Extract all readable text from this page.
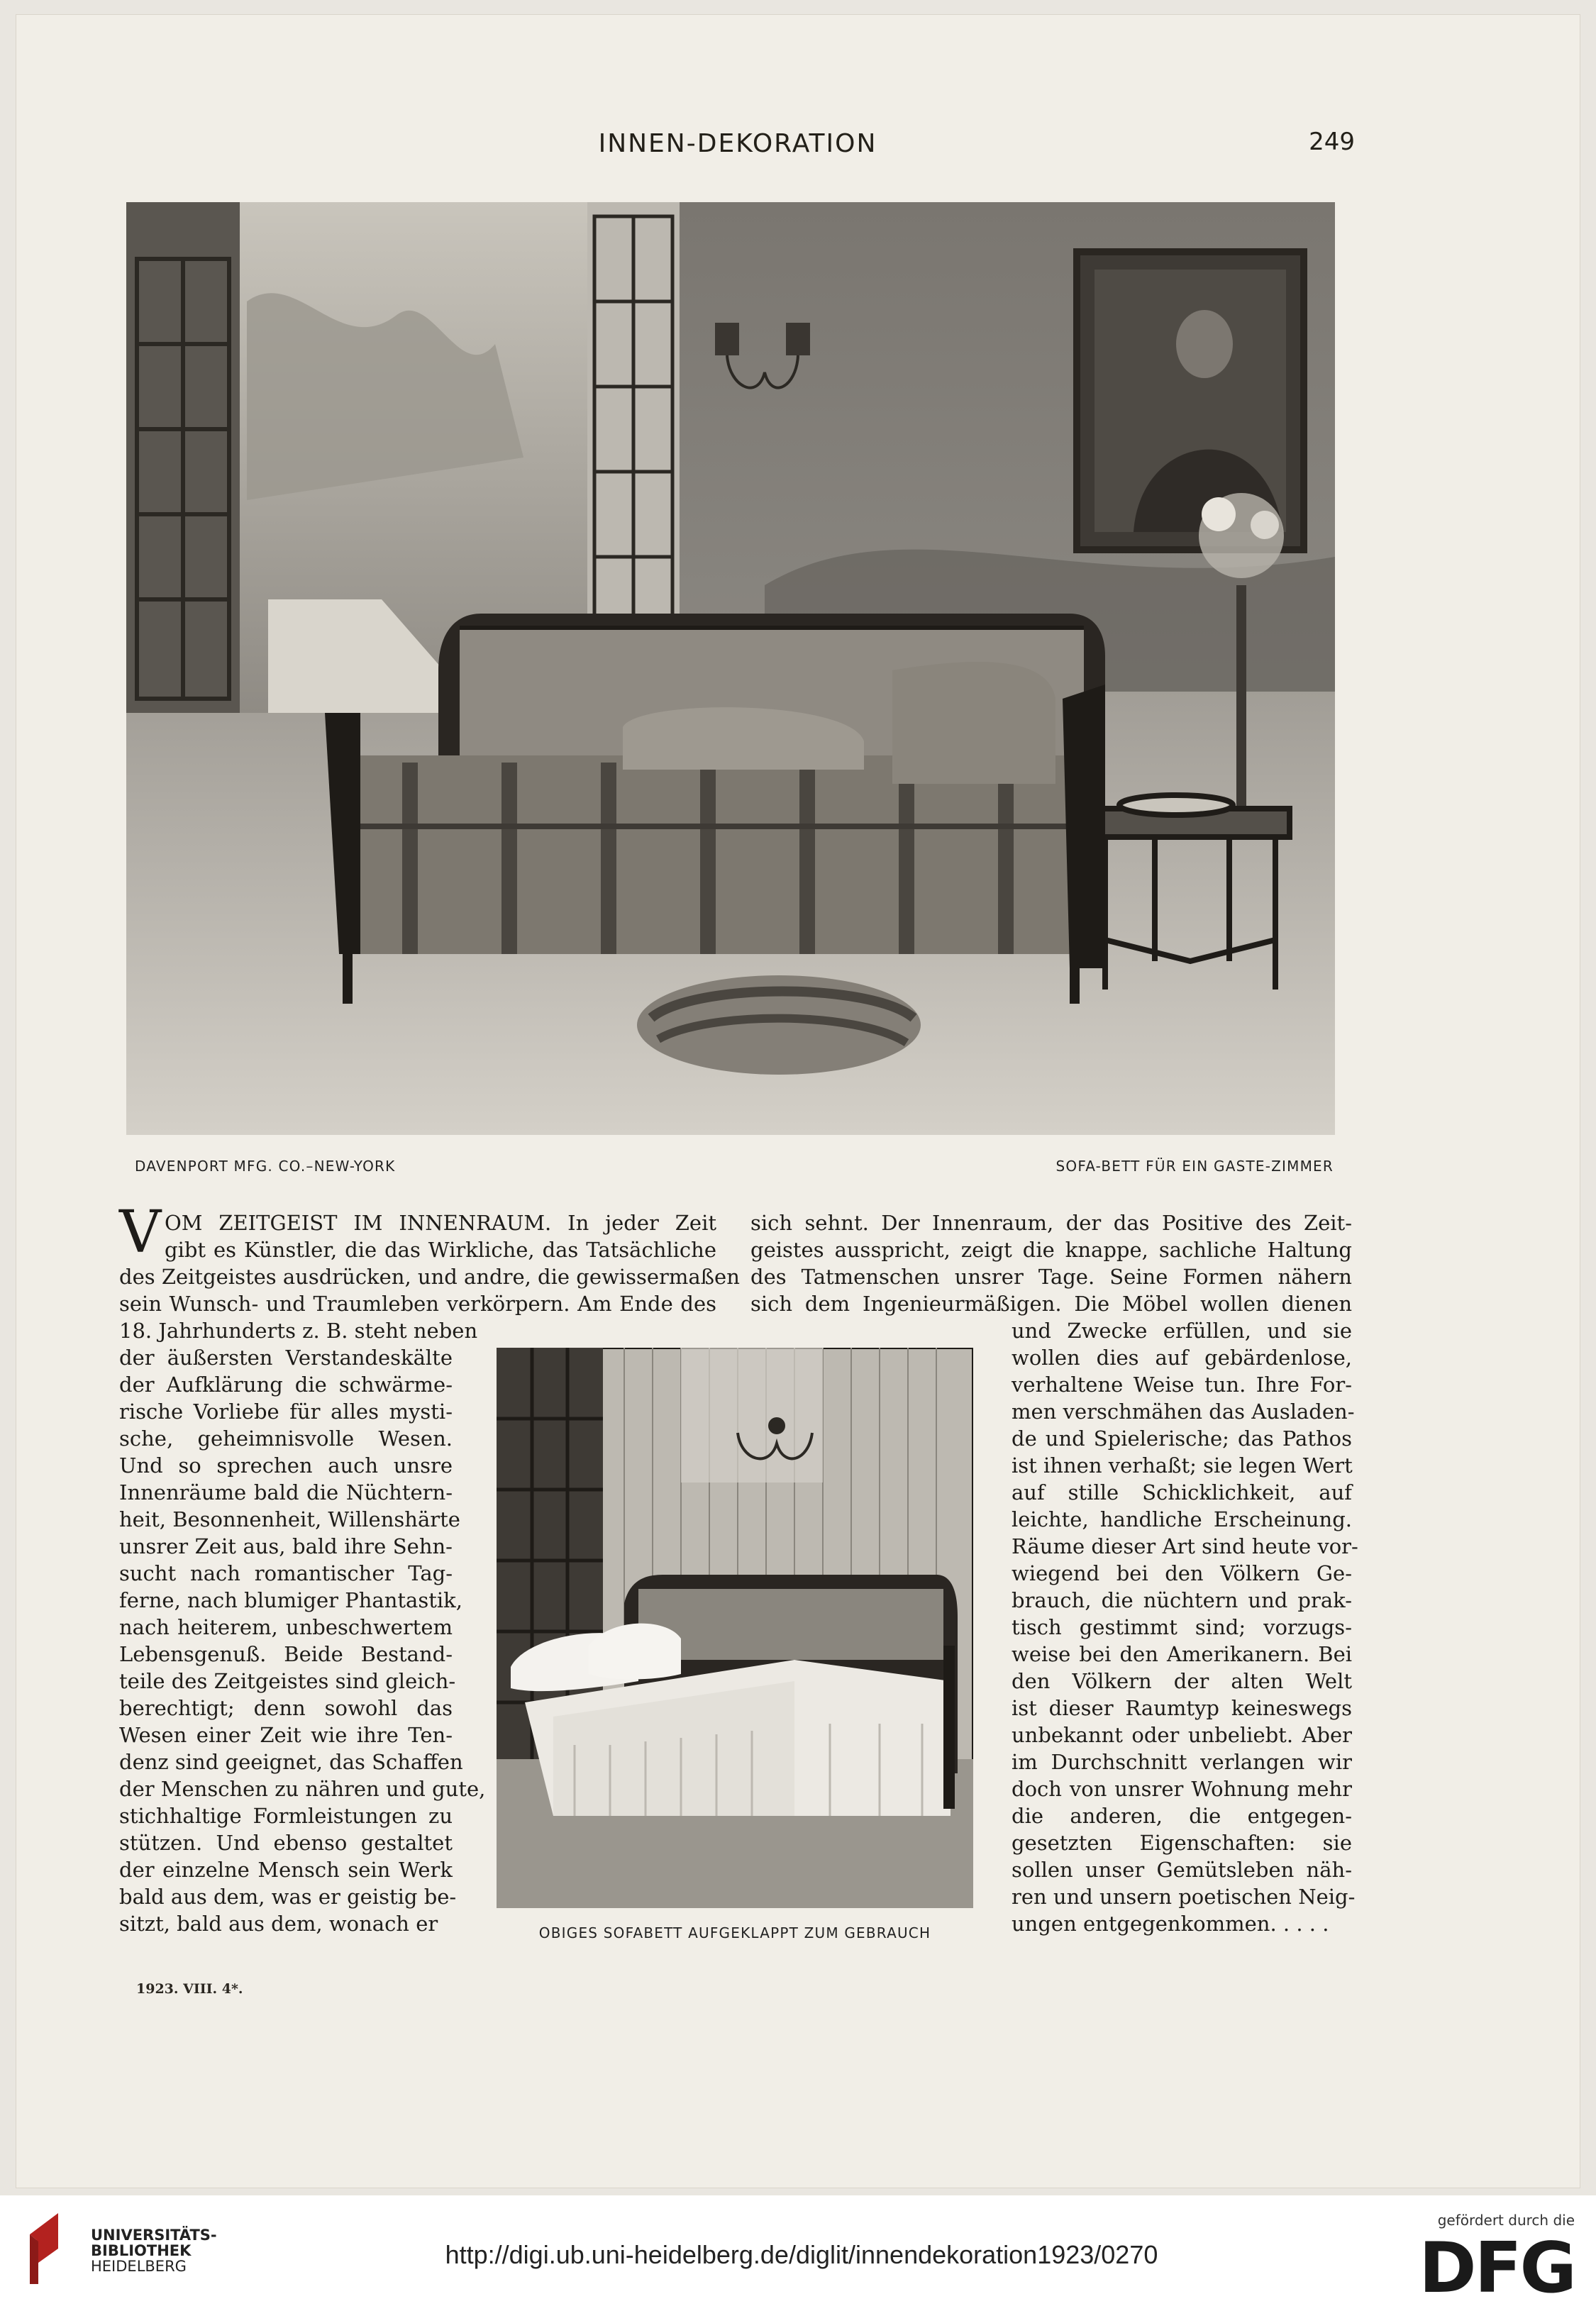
INNEN-DEKORATION	249
DAVENPORT MFG. CO.–NEW-YORK	SOFA-BETT FÜR EIN GASTE-ZIMMER
OBIGES SOFABETT AUFGEKLAPPT ZUM GEBRAUCH
V OM ZEITGEIST IM INNENRAUM. In jeder Zeit
gibt es Künstler, die das Wirkliche, das Tatsächliche
des Zeitgeistes ausdrücken, und andre, die gewissermaßen
sein Wunsch- und Traumleben verkörpern. Am Ende des
18. Jahrhunderts z. B. steht neben
der äußersten Verstandeskälte
der Aufklärung die schwärme-
rische Vorliebe für alles mysti-
sche, geheimnisvolle Wesen.
Und so sprechen auch unsre
Innenräume bald die Nüchtern-
heit, Besonnenheit, Willenshärte
unsrer Zeit aus, bald ihre Sehn-
sucht nach romantischer Tag-
ferne, nach blumiger Phantastik,
nach heiterem, unbeschwertem
Lebensgenuß. Beide Bestand-
teile des Zeitgeistes sind gleich-
berechtigt; denn sowohl das
Wesen einer Zeit wie ihre Ten-
denz sind geeignet, das Schaffen
der Menschen zu nähren und gute,
stichhaltige Formleistungen zu
stützen. Und ebenso gestaltet
der einzelne Mensch sein Werk
bald aus dem, was er geistig be-
sitzt, bald aus dem, wonach er
sich sehnt. Der Innenraum, der das Positive des Zeit-
geistes ausspricht, zeigt die knappe, sachliche Haltung
des Tatmenschen unsrer Tage. Seine Formen nähern
sich dem Ingenieurmäßigen. Die Möbel wollen dienen
und Zwecke erfüllen, und sie
wollen dies auf gebärdenlose,
verhaltene Weise tun. Ihre For-
men verschmähen das Ausladen-
de und Spielerische; das Pathos
ist ihnen verhaßt; sie legen Wert
auf stille Schicklichkeit, auf
leichte, handliche Erscheinung.
Räume dieser Art sind heute vor-
wiegend bei den Völkern Ge-
brauch, die nüchtern und prak-
tisch gestimmt sind; vorzugs-
weise bei den Amerikanern. Bei
den Völkern der alten Welt
ist dieser Raumtyp keineswegs
unbekannt oder unbeliebt. Aber
im Durchschnitt verlangen wir
doch von unsrer Wohnung mehr
die anderen, die entgegen-
gesetzten Eigenschaften: sie
sollen unser Gemütsleben näh-
ren und unsern poetischen Neig-
ungen entgegenkommen. . . . .
1923. VIII. 4*.
UNIVERSITÄTS-
BIBLIOTHEK
HEIDELBERG	http://digi.ub.uni-heidelberg.de/diglit/innendekoration1923/0270
gefördert durch die
DFG
